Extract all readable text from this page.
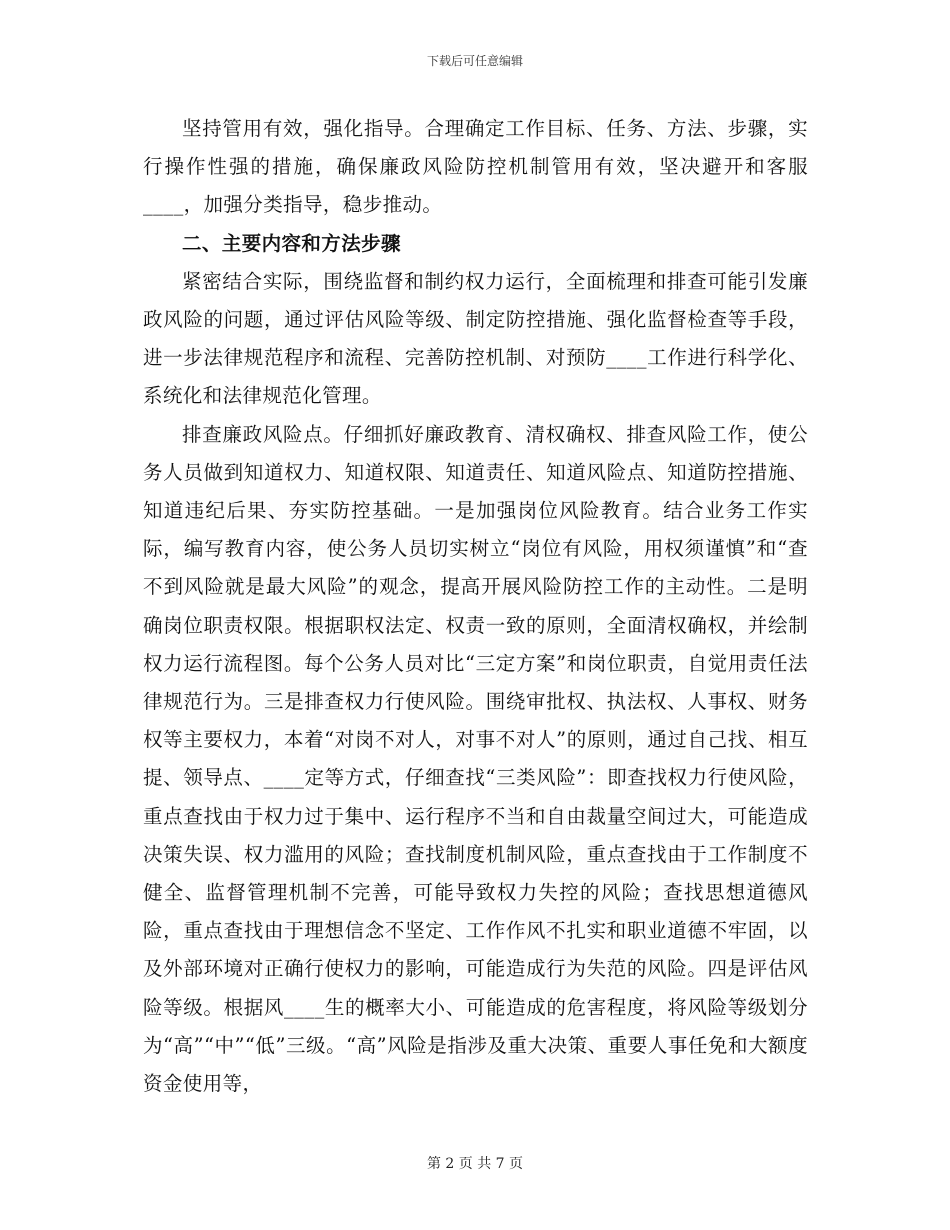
下载后可任意编辑

坚持管用有效，强化指导。合理确定工作目标、任务、方法、步骤，实行操作性强的措施，确保廉政风险防控机制管用有效，坚决避开和客服____，加强分类指导，稳步推动。

二、主要内容和方法步骤

紧密结合实际，围绕监督和制约权力运行，全面梳理和排查可能引发廉政风险的问题，通过评估风险等级、制定防控措施、强化监督检查等手段，进一步法律规范程序和流程、完善防控机制、对预防____工作进行科学化、系统化和法律规范化管理。

排查廉政风险点。仔细抓好廉政教育、清权确权、排查风险工作，使公务人员做到知道权力、知道权限、知道责任、知道风险点、知道防控措施、知道违纪后果、夯实防控基础。一是加强岗位风险教育。结合业务工作实际，编写教育内容，使公务人员切实树立“岗位有风险，用权须谨慎”和“查不到风险就是最大风险”的观念，提高开展风险防控工作的主动性。二是明确岗位职责权限。根据职权法定、权责一致的原则，全面清权确权，并绘制权力运行流程图。每个公务人员对比“三定方案”和岗位职责，自觉用责任法律规范行为。三是排查权力行使风险。围绕审批权、执法权、人事权、财务权等主要权力，本着“对岗不对人，对事不对人”的原则，通过自己找、相互提、领导点、____定等方式，仔细查找“三类风险”：即查找权力行使风险，重点查找由于权力过于集中、运行程序不当和自由裁量空间过大，可能造成决策失误、权力滥用的风险；查找制度机制风险，重点查找由于工作制度不健全、监督管理机制不完善，可能导致权力失控的风险；查找思想道德风险，重点查找由于理想信念不坚定、工作作风不扎实和职业道德不牢固，以及外部环境对正确行使权力的影响，可能造成行为失范的风险。四是评估风险等级。根据风____生的概率大小、可能造成的危害程度，将风险等级划分为“高”“中”“低”三级。“高”风险是指涉及重大决策、重要人事任免和大额度资金使用等，

第 2 页 共 7 页
